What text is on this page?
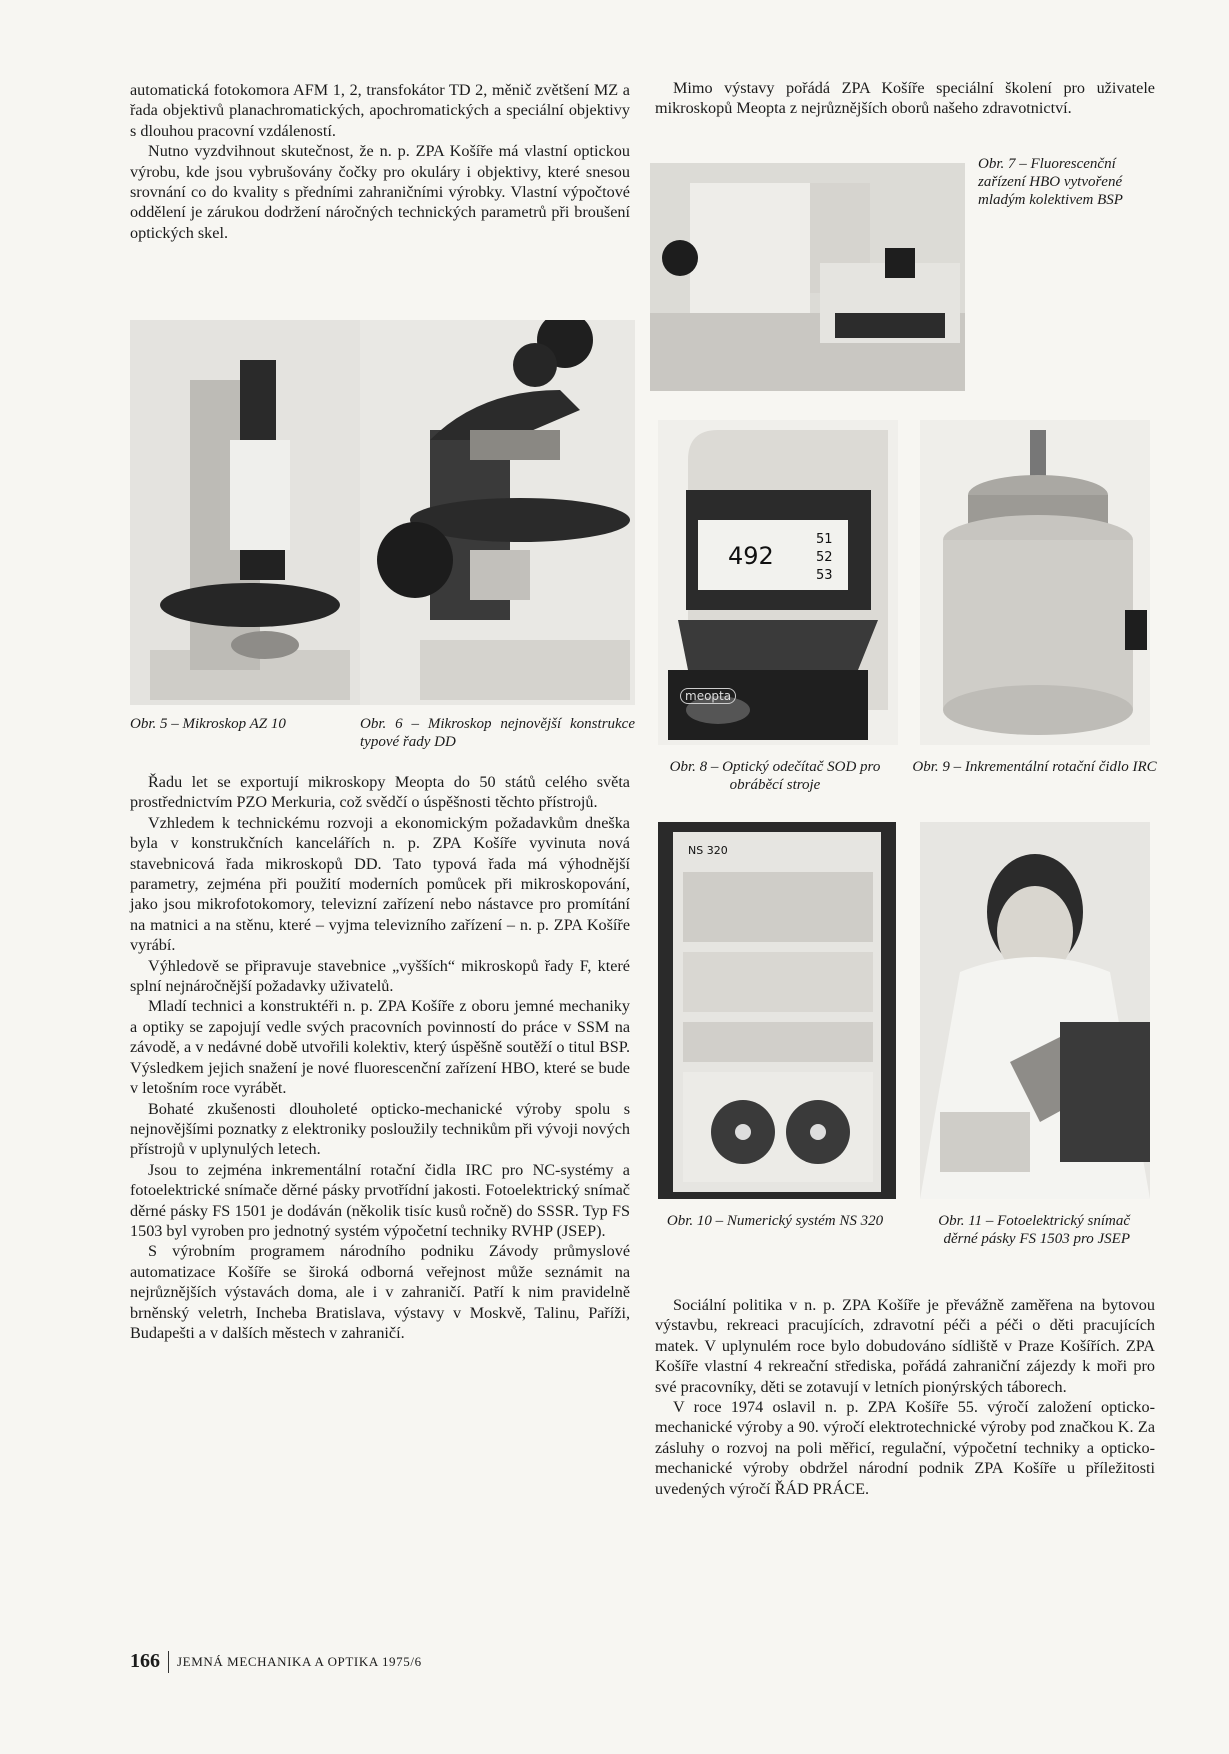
automatická fotokomora AFM 1, 2, transfokátor TD 2, měnič zvětšení MZ a řada objektivů planachromatických, apochromatických a speciální objektivy s dlouhou pracovní vzdáleností.

Nutno vyzdvihnout skutečnost, že n. p. ZPA Košíře má vlastní optickou výrobu, kde jsou vybrušovány čočky pro okuláry i objektivy, které snesou srovnání co do kvality s předními zahraničními výrobky. Vlastní výpočtové oddělení je zárukou dodržení náročných technických parametrů při broušení optických skel.

Mimo výstavy pořádá ZPA Košíře speciální školení pro uživatele mikroskopů Meopta z nejrůznějších oborů našeho zdravotnictví.

492
51
52
53
meopta
NS 320
Obr. 5 – Mikroskop AZ 10	Obr. 6 – Mikroskop nejnovější konstrukce typové řady DD
Obr. 7 – Fluorescenční zařízení HBO vytvořené mladým kolektivem BSP
Obr. 8 – Optický odečítač SOD pro obráběcí stroje
Obr. 9 – Inkrementální rotační čidlo IRC
Obr. 10 – Numerický systém NS 320	Obr. 11 – Fotoelektrický snímač děrné pásky FS 1503 pro JSEP

Řadu let se exportují mikroskopy Meopta do 50 států celého světa prostřednictvím PZO Merkuria, což svědčí o úspěšnosti těchto přístrojů.

Vzhledem k technickému rozvoji a ekonomickým požadavkům dneška byla v konstrukčních kancelářích n. p. ZPA Košíře vyvinuta nová stavebnicová řada mikroskopů DD. Tato typová řada má výhodnější parametry, zejména při použití moderních pomůcek při mikroskopování, jako jsou mikrofotokomory, televizní zařízení nebo nástavce pro promítání na matnici a na stěnu, které – vyjma televizního zařízení – n. p. ZPA Košíře vyrábí.

Výhledově se připravuje stavebnice „vyšších“ mikroskopů řady F, které splní nejnáročnější požadavky uživatelů.

Mladí technici a konstruktéři n. p. ZPA Košíře z oboru jemné mechaniky a optiky se zapojují vedle svých pracovních povinností do práce v SSM na závodě, a v nedávné době utvořili kolektiv, který úspěšně soutěží o titul BSP. Výsledkem jejich snažení je nové fluorescenční zařízení HBO, které se bude v letošním roce vyrábět.

Bohaté zkušenosti dlouholeté opticko-mechanické výroby spolu s nejnovějšími poznatky z elektroniky posloužily technikům při vývoji nových přístrojů v uplynulých letech.

Jsou to zejména inkrementální rotační čidla IRC pro NC-systémy a fotoelektrické snímače děrné pásky prvotřídní jakosti. Fotoelektrický snímač děrné pásky FS 1501 je dodáván (několik tisíc kusů ročně) do SSSR. Typ FS 1503 byl vyroben pro jednotný systém výpočetní techniky RVHP (JSEP).

S výrobním programem národního podniku Závody průmyslové automatizace Košíře se široká odborná veřejnost může seznámit na nejrůznějších výstavách doma, ale i v zahraničí. Patří k nim pravidelně brněnský veletrh, Incheba Bratislava, výstavy v Moskvě, Talinu, Paříži, Budapešti a v dalších městech v zahraničí.

Sociální politika v n. p. ZPA Košíře je převážně zaměřena na bytovou výstavbu, rekreaci pracujících, zdravotní péči a péči o děti pracujících matek. V uplynulém roce bylo dobudováno sídliště v Praze Košířích. ZPA Košíře vlastní 4 rekreační střediska, pořádá zahraniční zájezdy k moři pro své pracovníky, děti se zotavují v letních pionýrských táborech.

V roce 1974 oslavil n. p. ZPA Košíře 55. výročí založení opticko-mechanické výroby a 90. výročí elektrotechnické výroby pod značkou K. Za zásluhy o rozvoj na poli měřicí, regulační, výpočetní techniky a opticko-mechanické výroby obdržel národní podnik ZPA Košíře u příležitosti uvedených výročí ŘÁD PRÁCE.

166 JEMNÁ MECHANIKA A OPTIKA 1975/6
